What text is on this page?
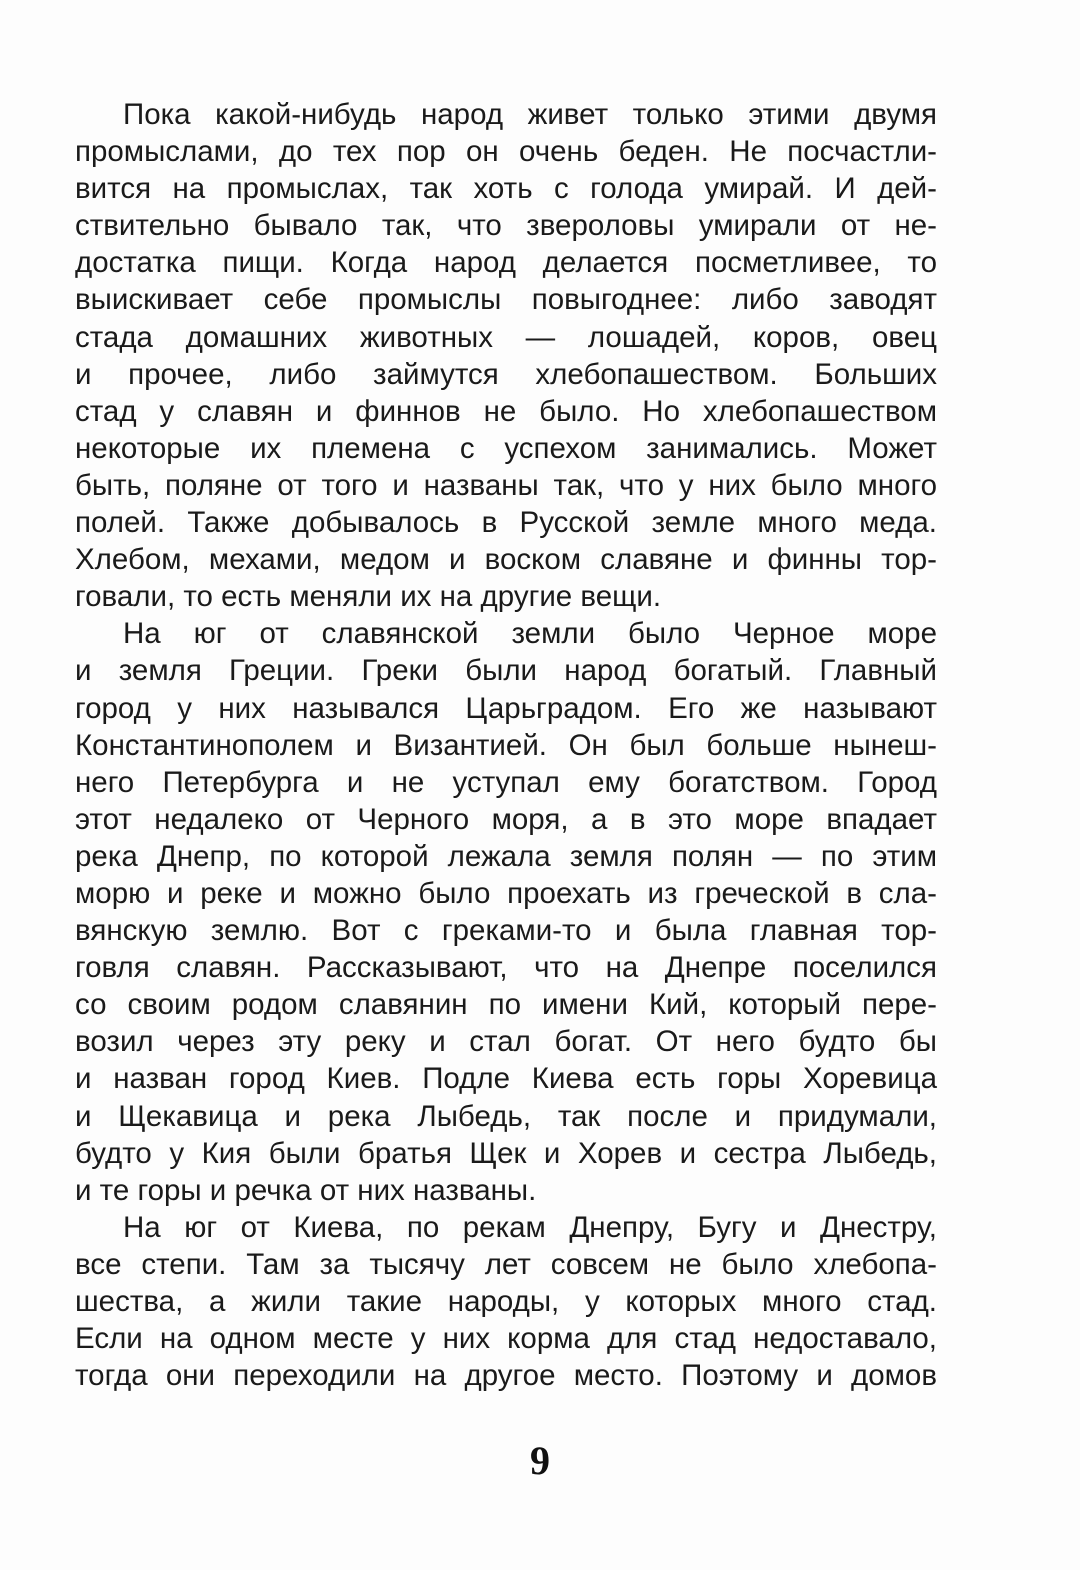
Пока какой-нибудь народ живет только этими двумя
промыслами, до тех пор он очень беден. Не посчастли-
вится на промыслах, так хоть с голода умирай. И дей-
ствительно бывало так, что звероловы умирали от не-
достатка пищи. Когда народ делается посметливее, то
выискивает себе промыслы повыгоднее: либо заводят
стада домашних животных — лошадей, коров, овец
и прочее, либо займутся хлебопашеством. Больших
стад у славян и финнов не было. Но хлебопашеством
некоторые их племена с успехом занимались. Может
быть, поляне от того и названы так, что у них было много
полей. Также добывалось в Русской земле много меда.
Хлебом, мехами, медом и воском славяне и финны тор-
говали, то есть меняли их на другие вещи.
На юг от славянской земли было Черное море
и земля Греции. Греки были народ богатый. Главный
город у них назывался Царьградом. Его же называют
Константинополем и Византией. Он был больше нынеш-
него Петербурга и не уступал ему богатством. Город
этот недалеко от Черного моря, а в это море впадает
река Днепр, по которой лежала земля полян — по этим
морю и реке и можно было проехать из греческой в сла-
вянскую землю. Вот с греками-то и была главная тор-
говля славян. Рассказывают, что на Днепре поселился
со своим родом славянин по имени Кий, который пере-
возил через эту реку и стал богат. От него будто бы
и назван город Киев. Подле Киева есть горы Хоревица
и Щекавица и река Лыбедь, так после и придумали,
будто у Кия были братья Щек и Хорев и сестра Лыбедь,
и те горы и речка от них названы.
На юг от Киева, по рекам Днепру, Бугу и Днестру,
все степи. Там за тысячу лет совсем не было хлебопа-
шества, а жили такие народы, у которых много стад.
Если на одном месте у них корма для стад недоставало,
тогда они переходили на другое место. Поэтому и домов
9
